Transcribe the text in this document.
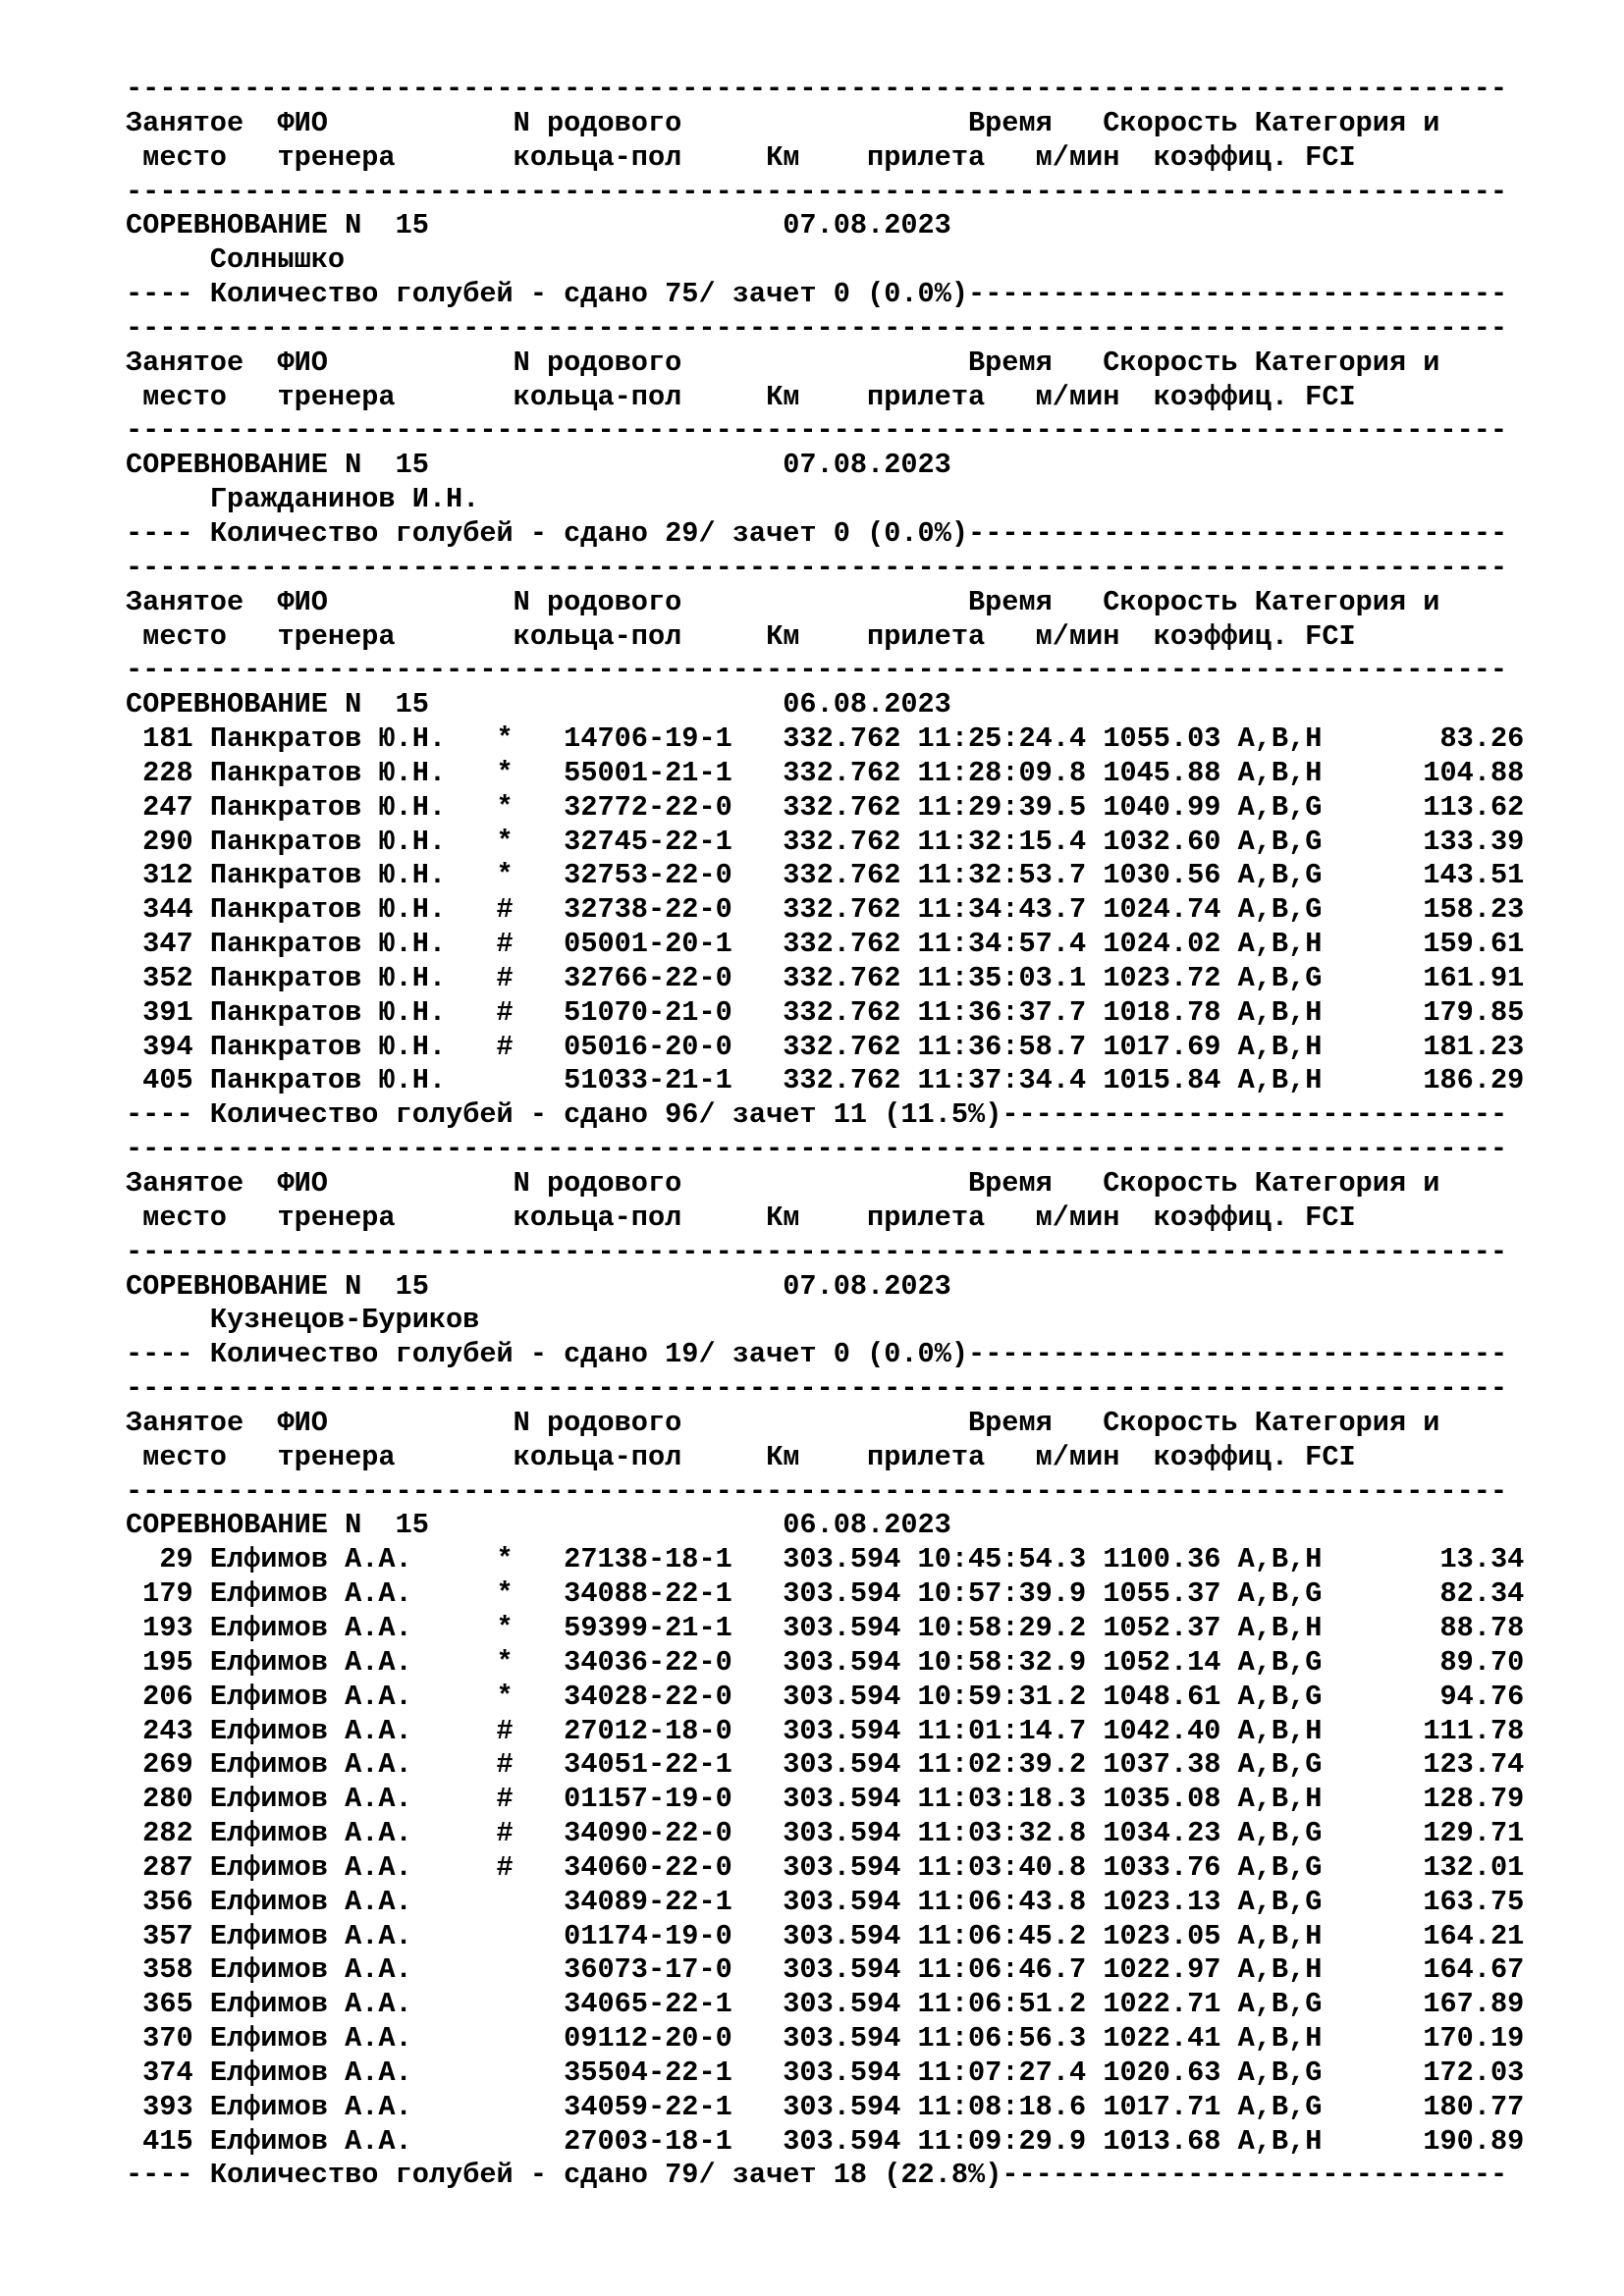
----------------------------------------------------------------------------------
Занятое  ФИО           N родового                 Время   Скорость Категория и
место   тренера       кольца-пол     Км    прилета   м/мин  коэффиц. FCI
----------------------------------------------------------------------------------
СОРЕВНОВАНИЕ N 15	07.08.2023
Солнышко
---- Количество голубей - сдано 75/ зачет 0 (0.0%)--------------------------------
----------------------------------------------------------------------------------
Занятое  ФИО           N родового                 Время   Скорость Категория и
место   тренера       кольца-пол     Км    прилета   м/мин  коэффиц. FCI
----------------------------------------------------------------------------------
СОРЕВНОВАНИЕ N 15	07.08.2023
Гражданинов И.Н.
---- Количество голубей - сдано 29/ зачет 0 (0.0%)--------------------------------
----------------------------------------------------------------------------------
Занятое  ФИО           N родового                 Время   Скорость Категория и
место   тренера       кольца-пол     Км    прилета   м/мин  коэффиц. FCI
----------------------------------------------------------------------------------
СОРЕВНОВАНИЕ N 15	06.08.2023
181 Панкратов Ю.Н.   *   14706-19-1   332.762 11:25:24.4 1055.03 A,B,H       83.26
228 Панкратов Ю.Н.   *   55001-21-1   332.762 11:28:09.8 1045.88 A,B,H      104.88
247 Панкратов Ю.Н.   *   32772-22-0   332.762 11:29:39.5 1040.99 A,B,G      113.62
290 Панкратов Ю.Н.   *   32745-22-1   332.762 11:32:15.4 1032.60 A,B,G      133.39
312 Панкратов Ю.Н.   *   32753-22-0   332.762 11:32:53.7 1030.56 A,B,G      143.51
344 Панкратов Ю.Н.   #   32738-22-0   332.762 11:34:43.7 1024.74 A,B,G      158.23
347 Панкратов Ю.Н.   #   05001-20-1   332.762 11:34:57.4 1024.02 A,B,H      159.61
352 Панкратов Ю.Н.   #   32766-22-0   332.762 11:35:03.1 1023.72 A,B,G      161.91
391 Панкратов Ю.Н.   #   51070-21-0   332.762 11:36:37.7 1018.78 A,B,H      179.85
394 Панкратов Ю.Н.   #   05016-20-0   332.762 11:36:58.7 1017.69 A,B,H      181.23
405 Панкратов Ю.Н.       51033-21-1   332.762 11:37:34.4 1015.84 A,B,H      186.29
---- Количество голубей - сдано 96/ зачет 11 (11.5%)------------------------------
----------------------------------------------------------------------------------
Занятое  ФИО           N родового                 Время   Скорость Категория и
место   тренера       кольца-пол     Км    прилета   м/мин  коэффиц. FCI
----------------------------------------------------------------------------------
СОРЕВНОВАНИЕ N 15	07.08.2023
Кузнецов-Буриков
---- Количество голубей - сдано 19/ зачет 0 (0.0%)--------------------------------
----------------------------------------------------------------------------------
Занятое  ФИО           N родового                 Время   Скорость Категория и
место   тренера       кольца-пол     Км    прилета   м/мин  коэффиц. FCI
----------------------------------------------------------------------------------
СОРЕВНОВАНИЕ N 15	06.08.2023
29 Елфимов А.А.     *   27138-18-1   303.594 10:45:54.3 1100.36 A,B,H       13.34
179 Елфимов А.А.     *   34088-22-1   303.594 10:57:39.9 1055.37 A,B,G       82.34
193 Елфимов А.А.     *   59399-21-1   303.594 10:58:29.2 1052.37 A,B,H       88.78
195 Елфимов А.А.     *   34036-22-0   303.594 10:58:32.9 1052.14 A,B,G       89.70
206 Елфимов А.А.     *   34028-22-0   303.594 10:59:31.2 1048.61 A,B,G       94.76
243 Елфимов А.А.     #   27012-18-0   303.594 11:01:14.7 1042.40 A,B,H      111.78
269 Елфимов А.А.     #   34051-22-1   303.594 11:02:39.2 1037.38 A,B,G      123.74
280 Елфимов А.А.     #   01157-19-0   303.594 11:03:18.3 1035.08 A,B,H      128.79
282 Елфимов А.А.     #   34090-22-0   303.594 11:03:32.8 1034.23 A,B,G      129.71
287 Елфимов А.А.     #   34060-22-0   303.594 11:03:40.8 1033.76 A,B,G      132.01
356 Елфимов А.А.         34089-22-1   303.594 11:06:43.8 1023.13 A,B,G      163.75
357 Елфимов А.А.         01174-19-0   303.594 11:06:45.2 1023.05 A,B,H      164.21
358 Елфимов А.А.         36073-17-0   303.594 11:06:46.7 1022.97 A,B,H      164.67
365 Елфимов А.А.         34065-22-1   303.594 11:06:51.2 1022.71 A,B,G      167.89
370 Елфимов А.А.         09112-20-0   303.594 11:06:56.3 1022.41 A,B,H      170.19
374 Елфимов А.А.         35504-22-1   303.594 11:07:27.4 1020.63 A,B,G      172.03
393 Елфимов А.А.         34059-22-1   303.594 11:08:18.6 1017.71 A,B,G      180.77
415 Елфимов А.А.         27003-18-1   303.594 11:09:29.9 1013.68 A,B,H      190.89
---- Количество голубей - сдано 79/ зачет 18 (22.8%)------------------------------
